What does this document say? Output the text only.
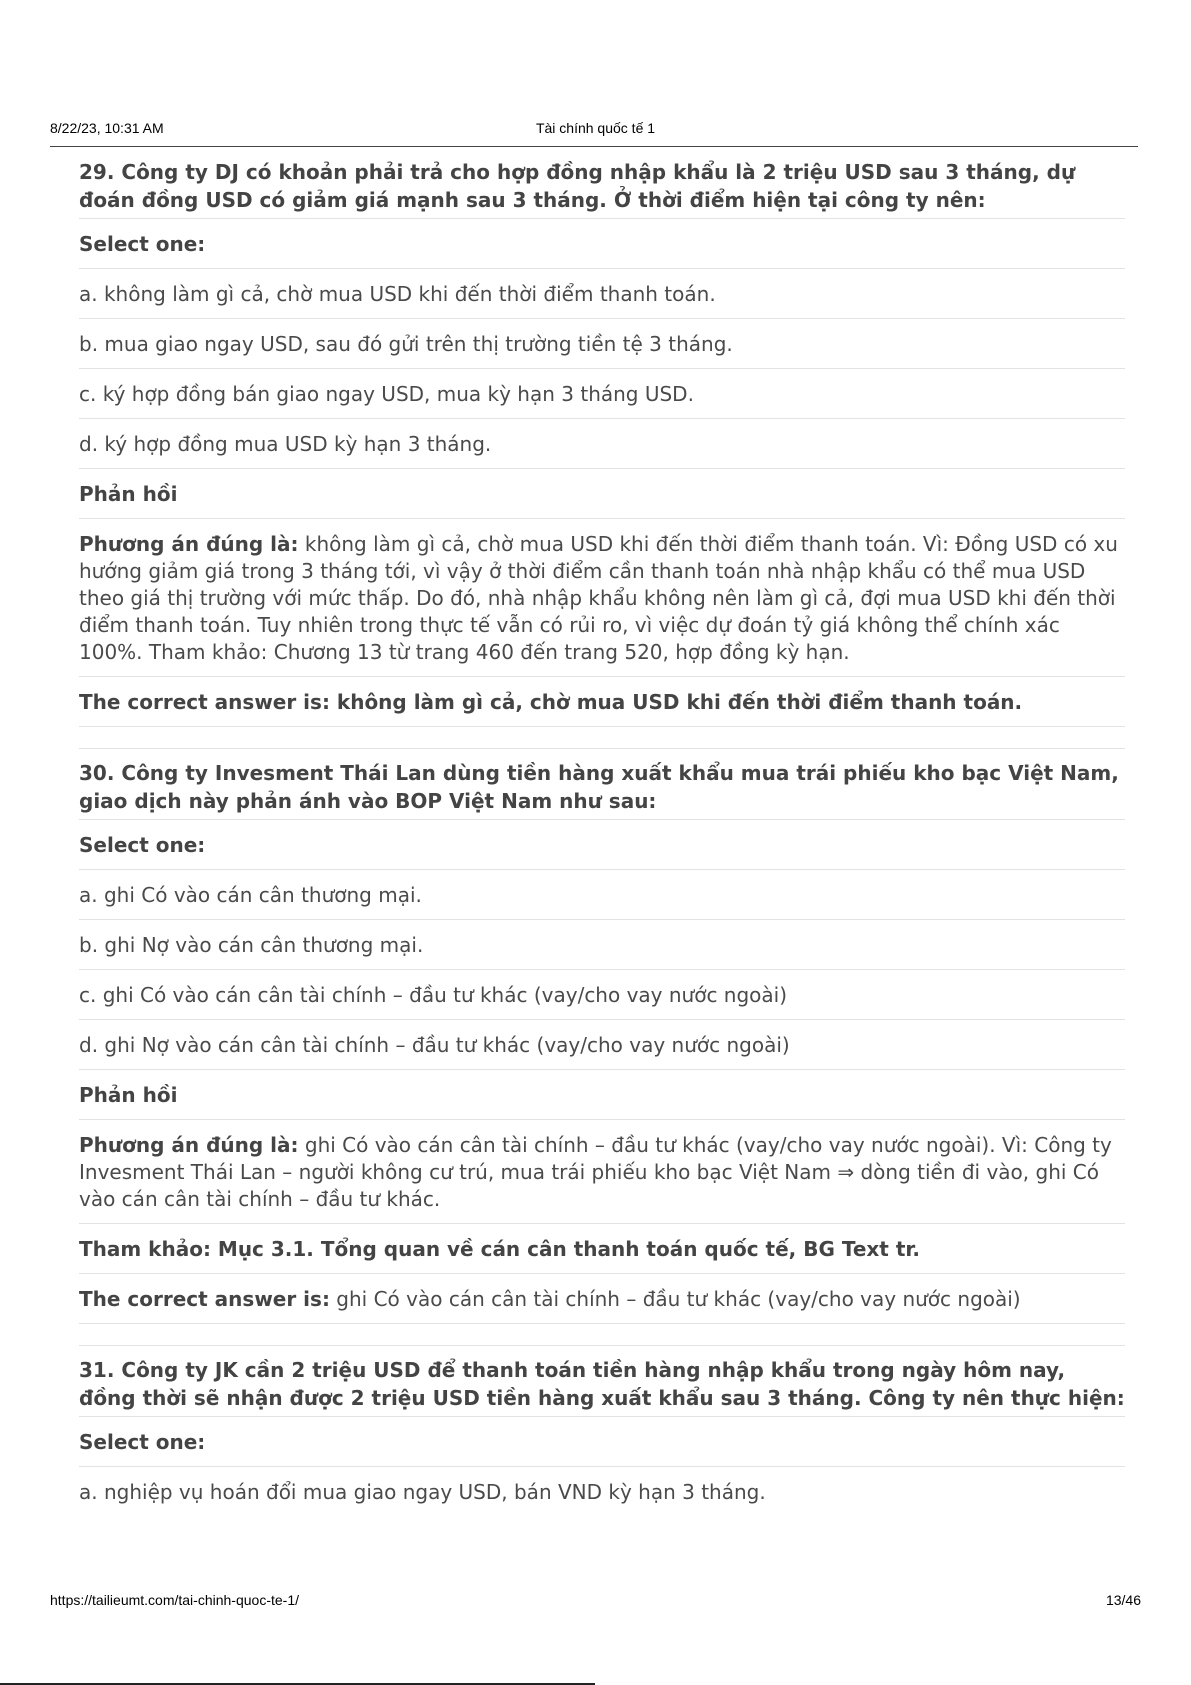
8/22/23, 10:31 AM	Tài chính quốc tế 1
29. Công ty DJ có khoản phải trả cho hợp đồng nhập khẩu là 2 triệu USD sau 3 tháng, dự đoán đồng USD có giảm giá mạnh sau 3 tháng. Ở thời điểm hiện tại công ty nên:
Select one:
a. không làm gì cả, chờ mua USD khi đến thời điểm thanh toán.
b. mua giao ngay USD, sau đó gửi trên thị trường tiền tệ 3 tháng.
c. ký hợp đồng bán giao ngay USD, mua kỳ hạn 3 tháng USD.
d. ký hợp đồng mua USD kỳ hạn 3 tháng.
Phản hồi
Phương án đúng là: không làm gì cả, chờ mua USD khi đến thời điểm thanh toán. Vì: Đồng USD có xu hướng giảm giá trong 3 tháng tới, vì vậy ở thời điểm cần thanh toán nhà nhập khẩu có thể mua USD theo giá thị trường với mức thấp. Do đó, nhà nhập khẩu không nên làm gì cả, đợi mua USD khi đến thời điểm thanh toán. Tuy nhiên trong thực tế vẫn có rủi ro, vì việc dự đoán tỷ giá không thể chính xác 100%. Tham khảo: Chương 13 từ trang 460 đến trang 520, hợp đồng kỳ hạn.
The correct answer is: không làm gì cả, chờ mua USD khi đến thời điểm thanh toán.
30. Công ty Invesment Thái Lan dùng tiền hàng xuất khẩu mua trái phiếu kho bạc Việt Nam, giao dịch này phản ánh vào BOP Việt Nam như sau:
Select one:
a. ghi Có vào cán cân thương mại.
b. ghi Nợ vào cán cân thương mại.
c. ghi Có vào cán cân tài chính – đầu tư khác (vay/cho vay nước ngoài)
d. ghi Nợ vào cán cân tài chính – đầu tư khác (vay/cho vay nước ngoài)
Phản hồi
Phương án đúng là: ghi Có vào cán cân tài chính – đầu tư khác (vay/cho vay nước ngoài). Vì: Công ty Invesment Thái Lan – người không cư trú, mua trái phiếu kho bạc Việt Nam ⇒ dòng tiền đi vào, ghi Có vào cán cân tài chính – đầu tư khác.
Tham khảo: Mục 3.1. Tổng quan về cán cân thanh toán quốc tế, BG Text tr.
The correct answer is: ghi Có vào cán cân tài chính – đầu tư khác (vay/cho vay nước ngoài)
31. Công ty JK cần 2 triệu USD để thanh toán tiền hàng nhập khẩu trong ngày hôm nay, đồng thời sẽ nhận được 2 triệu USD tiền hàng xuất khẩu sau 3 tháng. Công ty nên thực hiện:
Select one:
a. nghiệp vụ hoán đổi mua giao ngay USD, bán VND kỳ hạn 3 tháng.
https://tailieumt.com/tai-chinh-quoc-te-1/	13/46
